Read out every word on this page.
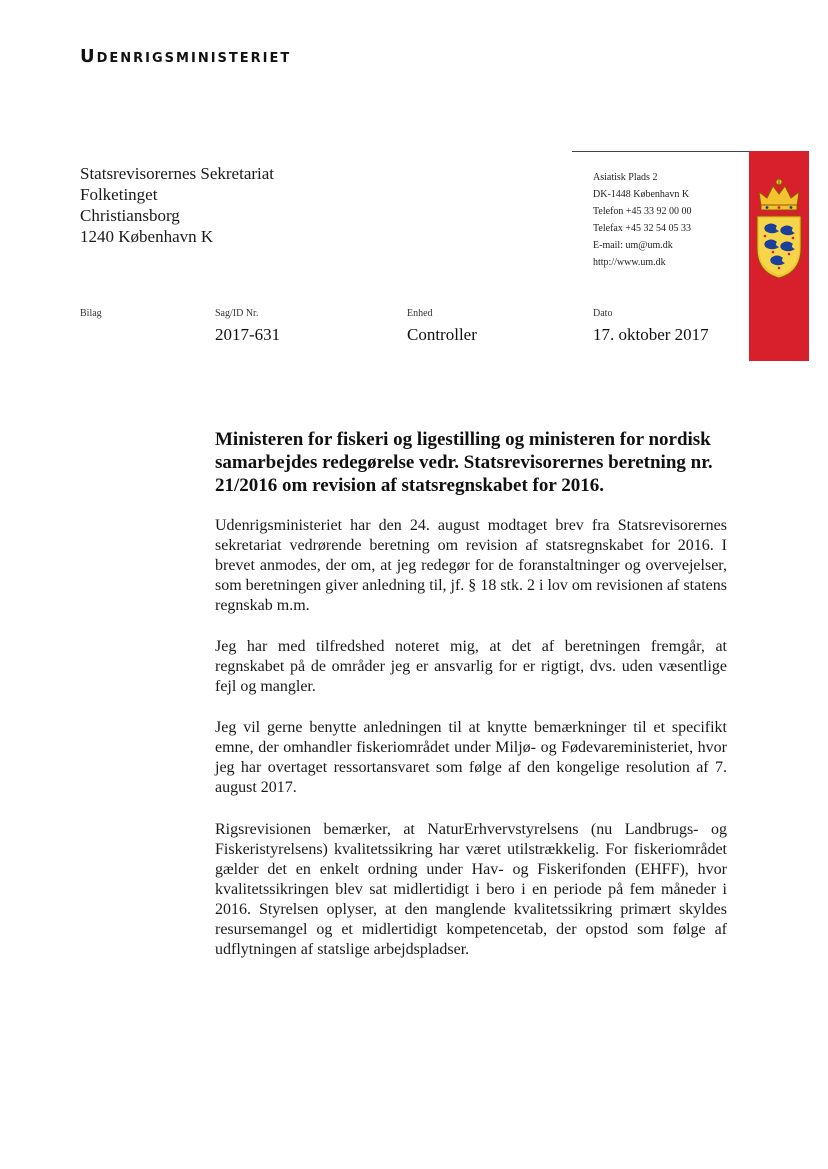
Udenrigsministeriet
Statsrevisorernes Sekretariat
Folketinget
Christiansborg
1240 København K
Asiatisk Plads 2
DK-1448 København K
Telefon +45 33 92 00 00
Telefax +45 32 54 05 33
E-mail: um@um.dk
http://www.um.dk
Bilag	Sag/ID Nr.
2017-631
Enhed
Controller
Dato
17. oktober 2017
Ministeren for fiskeri og ligestilling og ministeren for nordisk samarbejdes redegørelse vedr. Statsrevisorernes beretning nr. 21/2016 om revision af statsregnskabet for 2016.
Udenrigsministeriet har den 24. august modtaget brev fra Statsrevisorernes sekretariat vedrørende beretning om revision af statsregnskabet for 2016. I brevet anmodes, der om, at jeg redegør for de foranstaltninger og overvejelser, som beretningen giver anledning til, jf. § 18 stk. 2 i lov om revisionen af statens regnskab m.m.
Jeg har med tilfredshed noteret mig, at det af beretningen fremgår, at regnskabet på de områder jeg er ansvarlig for er rigtigt, dvs. uden væsentlige fejl og mangler.
Jeg vil gerne benytte anledningen til at knytte bemærkninger til et specifikt emne, der omhandler fiskeriområdet under Miljø- og Fødevareministeriet, hvor jeg har overtaget ressortansvaret som følge af den kongelige resolution af 7. august 2017.
Rigsrevisionen bemærker, at NaturErhvervstyrelsens (nu Landbrugs- og Fiskeristyrelsens) kvalitetssikring har været utilstrækkelig. For fiskeriområdet gælder det en enkelt ordning under Hav- og Fiskerifonden (EHFF), hvor kvalitetssikringen blev sat midlertidigt i bero i en periode på fem måneder i 2016. Styrelsen oplyser, at den manglende kvalitetssikring primært skyldes resursemangel og et midlertidigt kompetencetab, der opstod som følge af udflytningen af statslige arbejdspladser.
